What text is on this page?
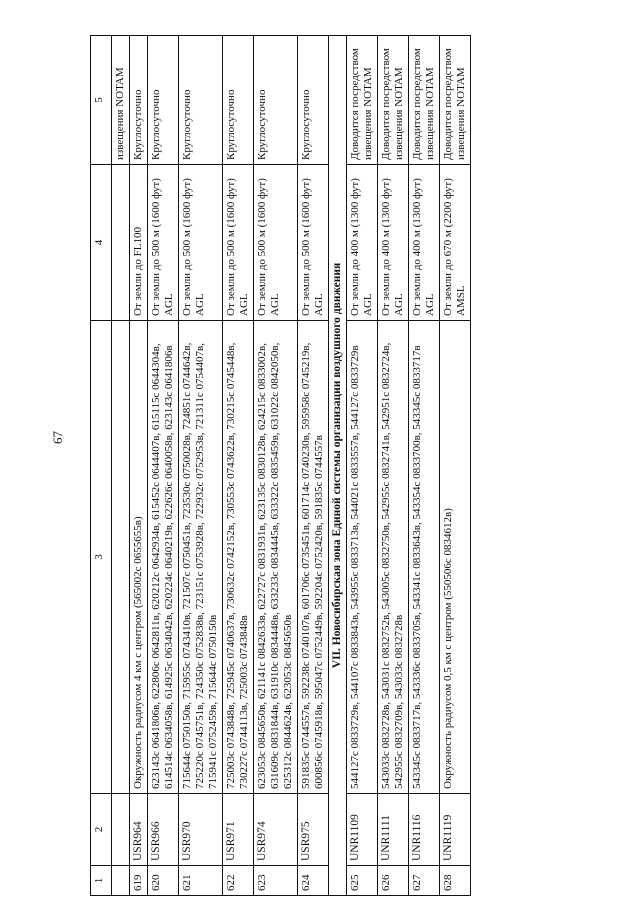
67
1	2	3	4	5
				извещения NOTAM
619	USR964	Окружность радиусом 4 км с центром (565002с 0655655в)	От земли до FL100	Круглосуточно
620	USR966	623143с 0641806в, 622806с 0642811в, 620212с 0642934в, 615452с 0644407в, 615115с 0644304в, 614514с 0634058в, 614925с 0634042в, 620224с 0640219в, 622626с 0640058в, 623143с 0641806в	От земли до 500 м (1600 фут) AGL	Круглосуточно
621	USR970	715644с 0750150в, 715955с 0743410в, 721507с 0750451в, 723530с 0750028в, 724851с 0744642в, 725220с 0745751в, 724350с 0752838в, 723151с 0753928в, 722932с 0752953в, 721311с 0754407в, 715941с 0752459в, 715644с 0750150в	От земли до 500 м (1600 фут) AGL	Круглосуточно
622	USR971	725003с 0743848в, 725945с 0740637в, 730632с 0742152в, 730553с 0743622в, 730215с 0745448в, 730227с 0744113в, 725003с 0743848в	От земли до 500 м (1600 фут) AGL	Круглосуточно
623	USR974	623053с 0845650в, 621141с 0842633в, 622727с 0831931в, 623135с 0830128в, 624215с 0833002в, 631609с 0831844в, 631910с 0834448в, 633233с 0834445в, 633322с 0835459в, 631022с 0842050в, 625312с 0844624в, 623053с 0845650в	От земли до 500 м (1600 фут) AGL	Круглосуточно
624	USR975	591835с 0744557в, 592238с 0740107в, 601706с 0735451в, 601714с 0740230в, 595958с 0745219в, 600856с 0745918в, 595047с 0752449в, 592204с 0752420в, 591835с 0744557в	От земли до 500 м (1600 фут) AGL	Круглосуточно
VII. Новосибирская зона Единой системы организации воздушного движения				
625	UNR1109	544127с 0833729в, 544107с 0833843в, 543955с 0833713в, 544021с 0833557в, 544127с 0833729в	От земли до 400 м (1300 фут) AGL	Доводится посредством извещения NOTAM
626	UNR1111	543033с 0832728в, 543031с 0832752в, 543005с 0832750в, 542955с 0832741в, 542951с 0832724в, 542955с 0832709в, 543033с 0832728в	От земли до 400 м (1300 фут) AGL	Доводится посредством извещения NOTAM
627	UNR1116	543345с 0833717в, 543336с 0833705в, 543341с 0833643в, 543354с 0833700в, 543345с 0833717в	От земли до 400 м (1300 фут) AGL	Доводится посредством извещения NOTAM
628	UNR1119	Окружность радиусом 0,5 км с центром (550506с 0834612в)	От земли до 670 м (2200 фут) AMSL	Доводится посредством извещения NOTAM
